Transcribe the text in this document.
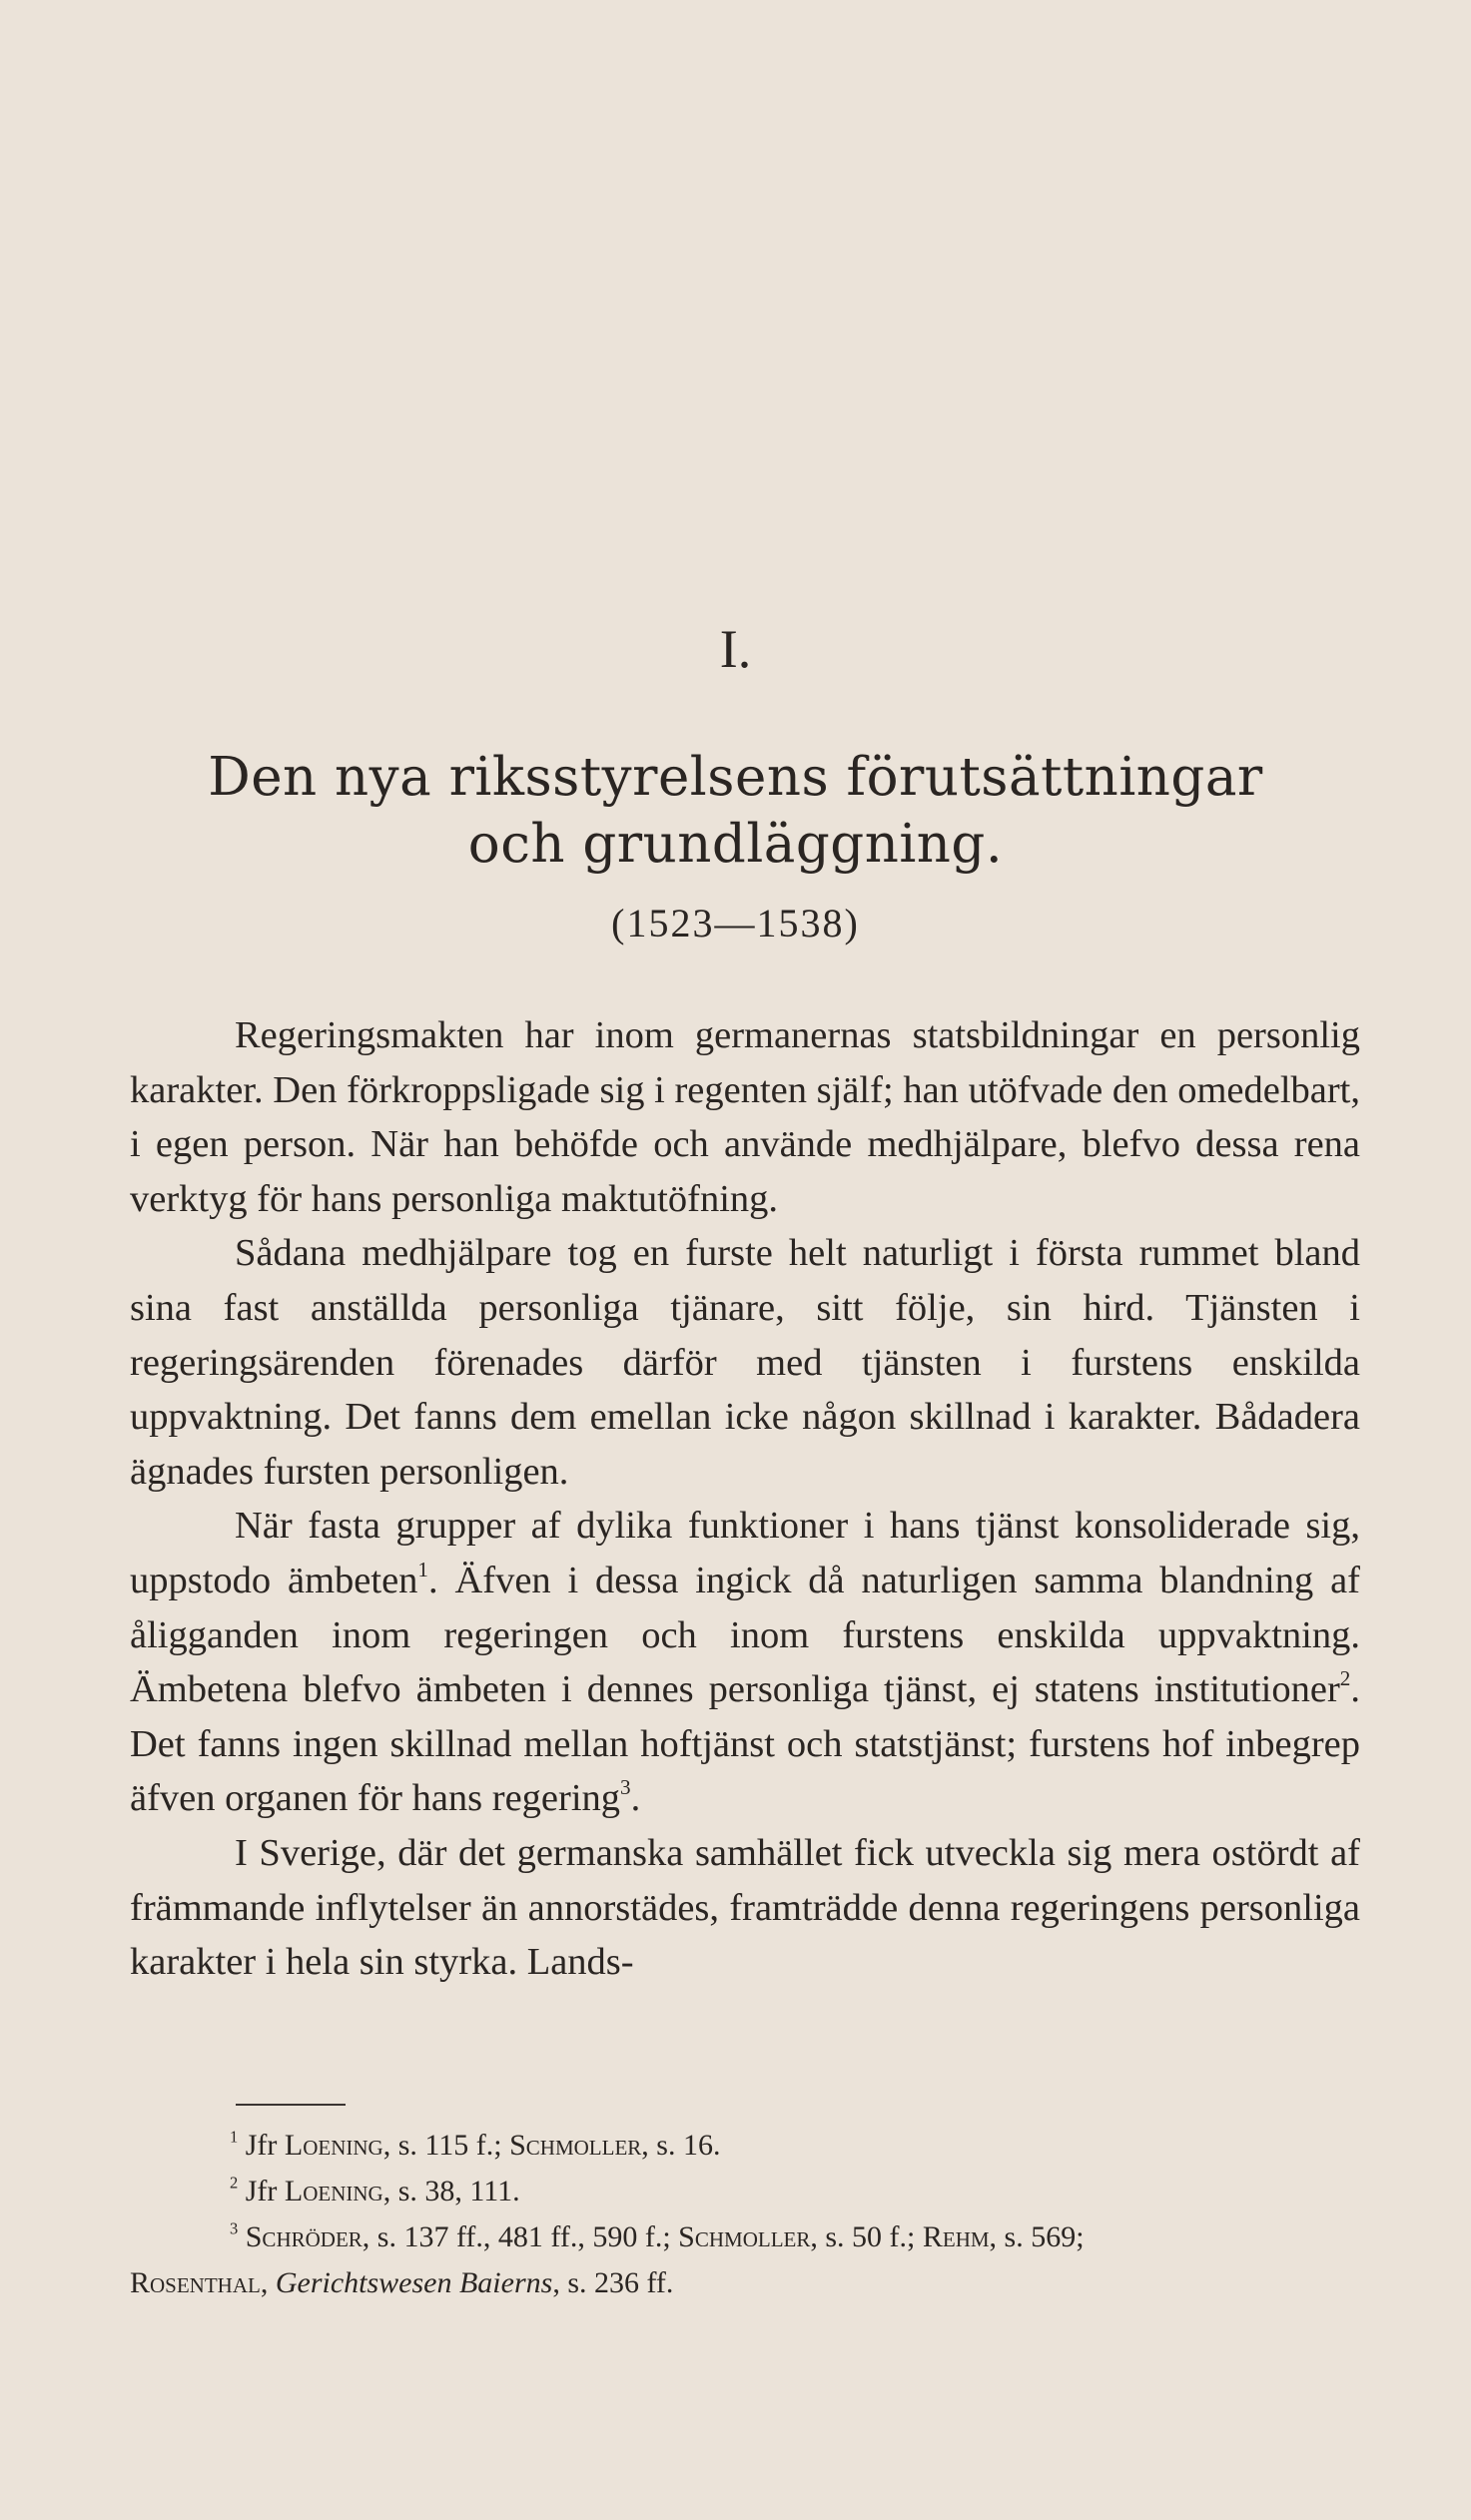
I.
Den nya riksstyrelsens förutsättningar
och grundläggning.
(1523—1538)

Regeringsmakten har inom germanernas statsbildningar en personlig karakter. Den förkroppsligade sig i regenten själf; han utöfvade den omedelbart, i egen person. När han behöfde och använde medhjälpare, blefvo dessa rena verktyg för hans personliga maktutöfning.

Sådana medhjälpare tog en furste helt naturligt i första rummet bland sina fast anställda personliga tjänare, sitt följe, sin hird. Tjänsten i regeringsärenden förenades därför med tjänsten i furstens enskilda uppvaktning. Det fanns dem emellan icke någon skillnad i karakter. Bådadera ägnades fursten personligen.

När fasta grupper af dylika funktioner i hans tjänst konsoliderade sig, uppstodo ämbeten$^1$. Äfven i dessa ingick då naturligen samma blandning af åligganden inom regeringen och inom furstens enskilda uppvaktning. Ämbetena blefvo ämbeten i dennes personliga tjänst, ej statens institutioner$^2$. Det fanns ingen skillnad mellan hoftjänst och statstjänst; furstens hof inbegrep äfven organen för hans regering$^3$.

I Sverige, där det germanska samhället fick utveckla sig mera ostördt af främmande inflytelser än annorstädes, framträdde denna regeringens personliga karakter i hela sin styrka. Lands-

$^1$ Jfr Loening, s. 115 f.; Schmoller, s. 16.
$^2$ Jfr Loening, s. 38, 111.
$^3$ Schröder, s. 137 ff., 481 ff., 590 f.; Schmoller, s. 50 f.; Rehm, s. 569;
Rosenthal, Gerichtswesen Baierns, s. 236 ff.
